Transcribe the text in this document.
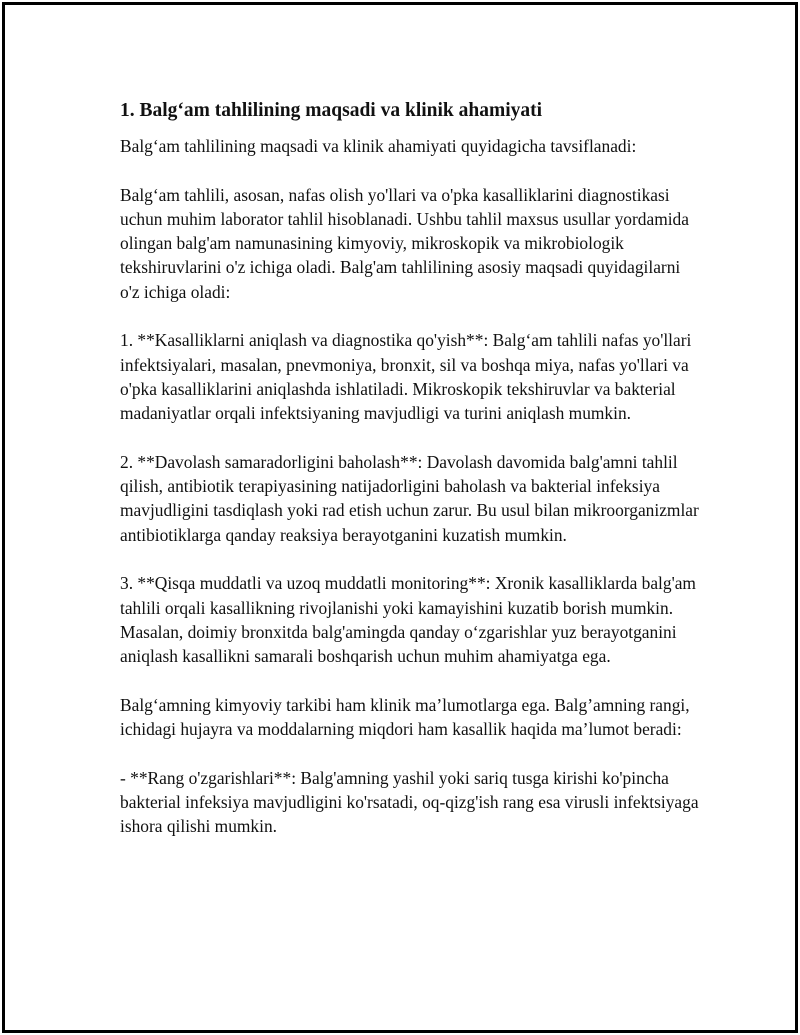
1. Balg‘am tahlilining maqsadi va klinik ahamiyati

Balg‘am tahlilining maqsadi va klinik ahamiyati quyidagicha tavsiflanadi:

Balg‘am tahlili, asosan, nafas olish yo'llari va o'pka kasalliklarini diagnostikasi uchun muhim laborator tahlil hisoblanadi. Ushbu tahlil maxsus usullar yordamida olingan balg'am namunasining kimyoviy, mikroskopik va mikrobiologik tekshiruvlarini o'z ichiga oladi. Balg'am tahlilining asosiy maqsadi quyidagilarni o'z ichiga oladi:

1. **Kasalliklarni aniqlash va diagnostika qo'yish**: Balg‘am tahlili nafas yo'llari infektsiyalari, masalan, pnevmoniya, bronxit, sil va boshqa miya, nafas yo'llari va o'pka kasalliklarini aniqlashda ishlatiladi. Mikroskopik tekshiruvlar va bakterial madaniyatlar orqali infektsiyaning mavjudligi va turini aniqlash mumkin.

2. **Davolash samaradorligini baholash**: Davolash davomida balg'amni tahlil qilish, antibiotik terapiyasining natijadorligini baholash va bakterial infeksiya mavjudligini tasdiqlash yoki rad etish uchun zarur. Bu usul bilan mikroorganizmlar antibiotiklarga qanday reaksiya berayotganini kuzatish mumkin.

3. **Qisqa muddatli va uzoq muddatli monitoring**: Xronik kasalliklarda balg'am tahlili orqali kasallikning rivojlanishi yoki kamayishini kuzatib borish mumkin. Masalan, doimiy bronxitda balg'amingda qanday o‘zgarishlar yuz berayotganini aniqlash kasallikni samarali boshqarish uchun muhim ahamiyatga ega.

Balg‘amning kimyoviy tarkibi ham klinik ma’lumotlarga ega. Balg’amning rangi, ichidagi hujayra va moddalarning miqdori ham kasallik haqida ma’lumot beradi:

- **Rang o'zgarishlari**: Balg'amning yashil yoki sariq tusga kirishi ko'pincha bakterial infeksiya mavjudligini ko'rsatadi, oq-qizg'ish rang esa virusli infektsiyaga ishora qilishi mumkin.
